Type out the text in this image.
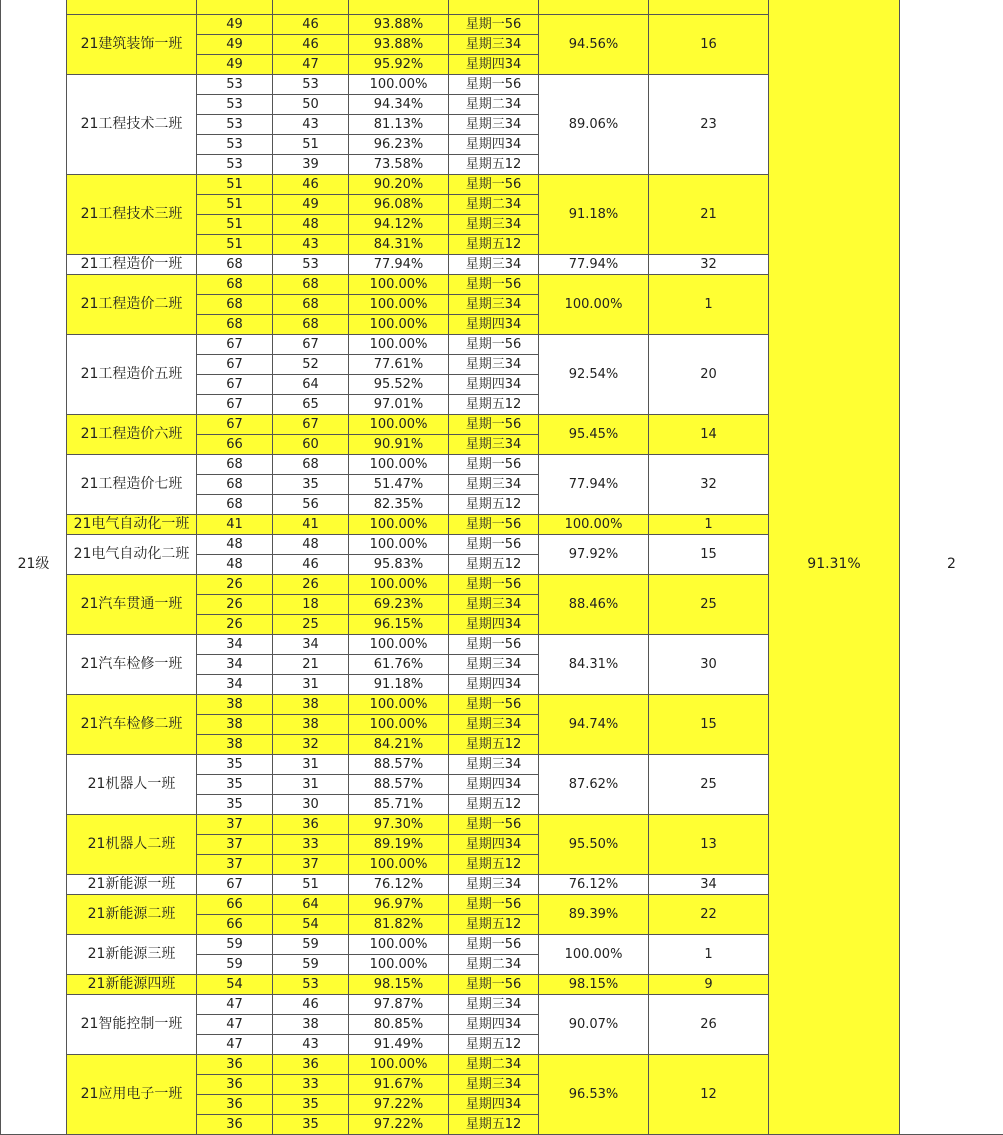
21级								91.31%	2
	21建筑装饰一班	49	46	93.88%	星期一56	94.56%	16		
		49	46	93.88%	星期三34				
		49	47	95.92%	星期四34				
	21工程技术二班	53	53	100.00%	星期一56	89.06%	23		
		53	50	94.34%	星期二34				
		53	43	81.13%	星期三34				
		53	51	96.23%	星期四34				
		53	39	73.58%	星期五12				
	21工程技术三班	51	46	90.20%	星期一56	91.18%	21		
		51	49	96.08%	星期二34				
		51	48	94.12%	星期三34				
		51	43	84.31%	星期五12				
	21工程造价一班	68	53	77.94%	星期三34	77.94%	32		
	21工程造价二班	68	68	100.00%	星期一56	100.00%	1		
		68	68	100.00%	星期三34				
		68	68	100.00%	星期四34				
	21工程造价五班	67	67	100.00%	星期一56	92.54%	20		
		67	52	77.61%	星期三34				
		67	64	95.52%	星期四34				
		67	65	97.01%	星期五12				
	21工程造价六班	67	67	100.00%	星期一56	95.45%	14		
		66	60	90.91%	星期三34				
	21工程造价七班	68	68	100.00%	星期一56	77.94%	32		
		68	35	51.47%	星期三34				
		68	56	82.35%	星期五12				
	21电气自动化一班	41	41	100.00%	星期一56	100.00%	1		
	21电气自动化二班	48	48	100.00%	星期一56	97.92%	15		
		48	46	95.83%	星期五12				
	21汽车贯通一班	26	26	100.00%	星期一56	88.46%	25		
		26	18	69.23%	星期三34				
		26	25	96.15%	星期四34				
	21汽车检修一班	34	34	100.00%	星期一56	84.31%	30		
		34	21	61.76%	星期三34				
		34	31	91.18%	星期四34				
	21汽车检修二班	38	38	100.00%	星期一56	94.74%	15		
		38	38	100.00%	星期三34				
		38	32	84.21%	星期五12				
	21机器人一班	35	31	88.57%	星期三34	87.62%	25		
		35	31	88.57%	星期四34				
		35	30	85.71%	星期五12				
	21机器人二班	37	36	97.30%	星期一56	95.50%	13		
		37	33	89.19%	星期四34				
		37	37	100.00%	星期五12				
	21新能源一班	67	51	76.12%	星期三34	76.12%	34		
	21新能源二班	66	64	96.97%	星期一56	89.39%	22		
		66	54	81.82%	星期五12				
	21新能源三班	59	59	100.00%	星期一56	100.00%	1		
		59	59	100.00%	星期二34				
	21新能源四班	54	53	98.15%	星期一56	98.15%	9		
	21智能控制一班	47	46	97.87%	星期三34	90.07%	26		
		47	38	80.85%	星期四34				
		47	43	91.49%	星期五12				
	21应用电子一班	36	36	100.00%	星期二34	96.53%	12		
		36	33	91.67%	星期三34				
		36	35	97.22%	星期四34				
		36	35	97.22%	星期五12				
